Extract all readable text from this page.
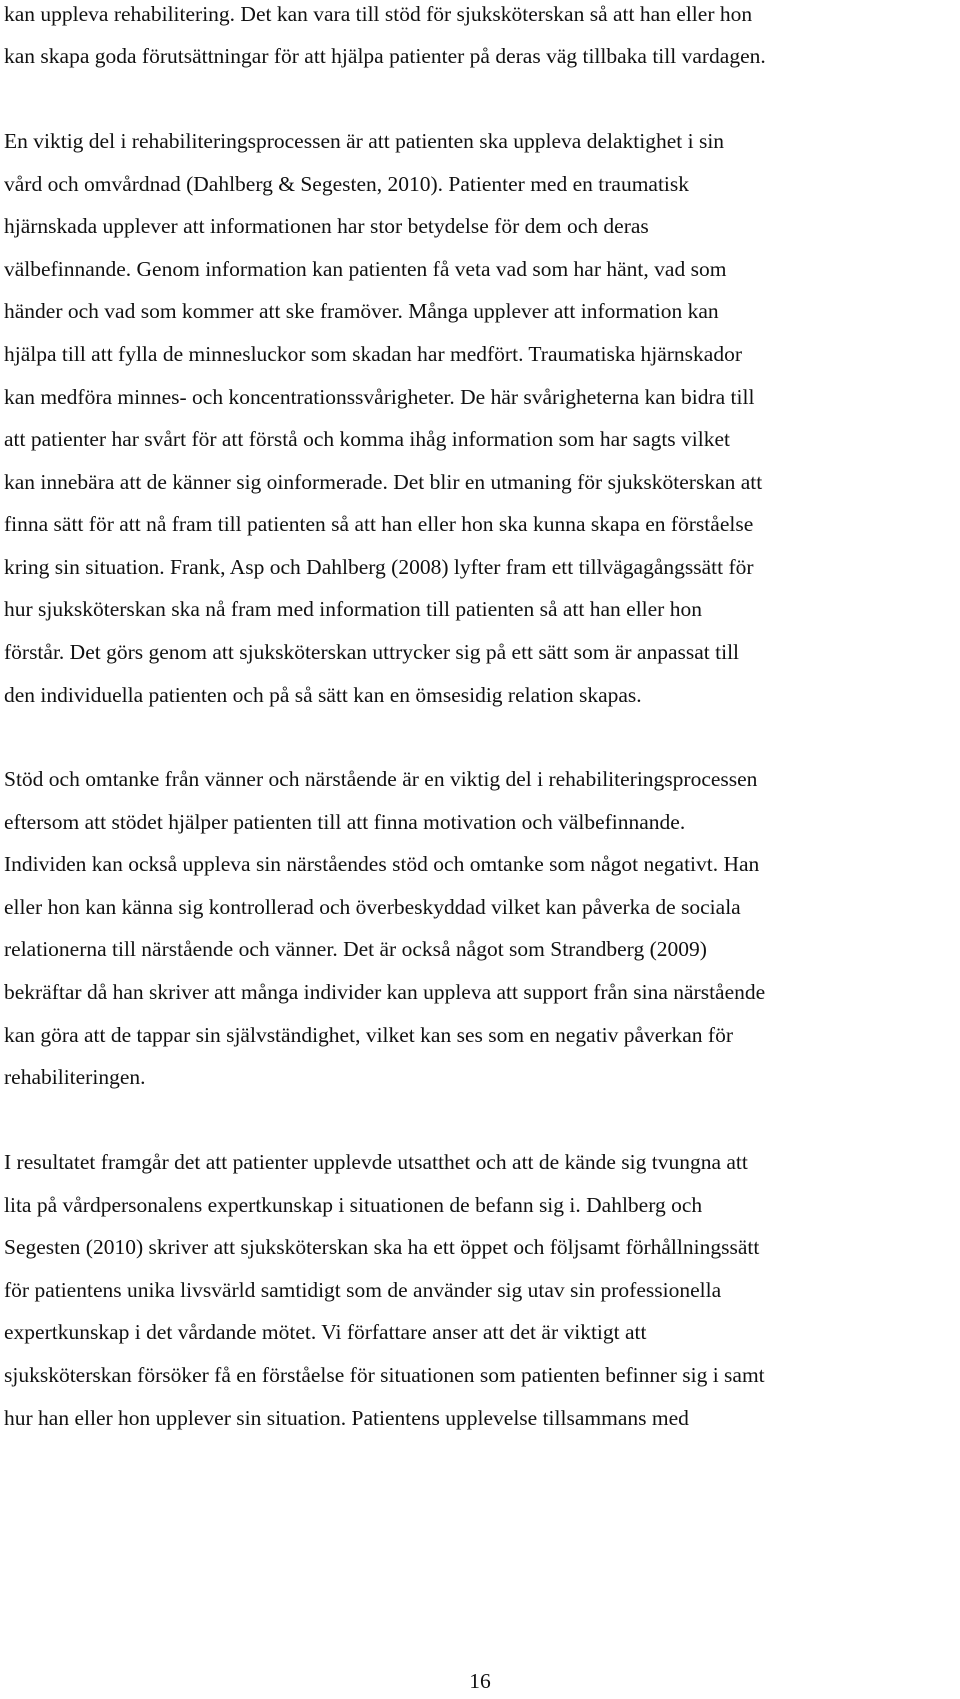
kan uppleva rehabilitering. Det kan vara till stöd för sjuksköterskan så att han eller hon

kan skapa goda förutsättningar för att hjälpa patienter på deras väg tillbaka till vardagen.

En viktig del i rehabiliteringsprocessen är att patienten ska uppleva delaktighet i sin

vård och omvårdnad (Dahlberg & Segesten, 2010). Patienter med en traumatisk

hjärnskada upplever att informationen har stor betydelse för dem och deras

välbefinnande. Genom information kan patienten få veta vad som har hänt, vad som

händer och vad som kommer att ske framöver. Många upplever att information kan

hjälpa till att fylla de minnesluckor som skadan har medfört. Traumatiska hjärnskador

kan medföra minnes- och koncentrationssvårigheter. De här svårigheterna kan bidra till

att patienter har svårt för att förstå och komma ihåg information som har sagts vilket

kan innebära att de känner sig oinformerade. Det blir en utmaning för sjuksköterskan att

finna sätt för att nå fram till patienten så att han eller hon ska kunna skapa en förståelse

kring sin situation. Frank, Asp och Dahlberg (2008) lyfter fram ett tillvägagångssätt för

hur sjuksköterskan ska nå fram med information till patienten så att han eller hon

förstår. Det görs genom att sjuksköterskan uttrycker sig på ett sätt som är anpassat till

den individuella patienten och på så sätt kan en ömsesidig relation skapas.

Stöd och omtanke från vänner och närstående är en viktig del i rehabiliteringsprocessen

eftersom att stödet hjälper patienten till att finna motivation och välbefinnande.

Individen kan också uppleva sin närståendes stöd och omtanke som något negativt. Han

eller hon kan känna sig kontrollerad och överbeskyddad vilket kan påverka de sociala

relationerna till närstående och vänner. Det är också något som Strandberg (2009)

bekräftar då han skriver att många individer kan uppleva att support från sina närstående

kan göra att de tappar sin självständighet, vilket kan ses som en negativ påverkan för

rehabiliteringen.

I resultatet framgår det att patienter upplevde utsatthet och att de kände sig tvungna att

lita på vårdpersonalens expertkunskap i situationen de befann sig i. Dahlberg och

Segesten (2010) skriver att sjuksköterskan ska ha ett öppet och följsamt förhållningssätt

för patientens unika livsvärld samtidigt som de använder sig utav sin professionella

expertkunskap i det vårdande mötet. Vi författare anser att det är viktigt att

sjuksköterskan försöker få en förståelse för situationen som patienten befinner sig i samt

hur han eller hon upplever sin situation. Patientens upplevelse tillsammans med

16
